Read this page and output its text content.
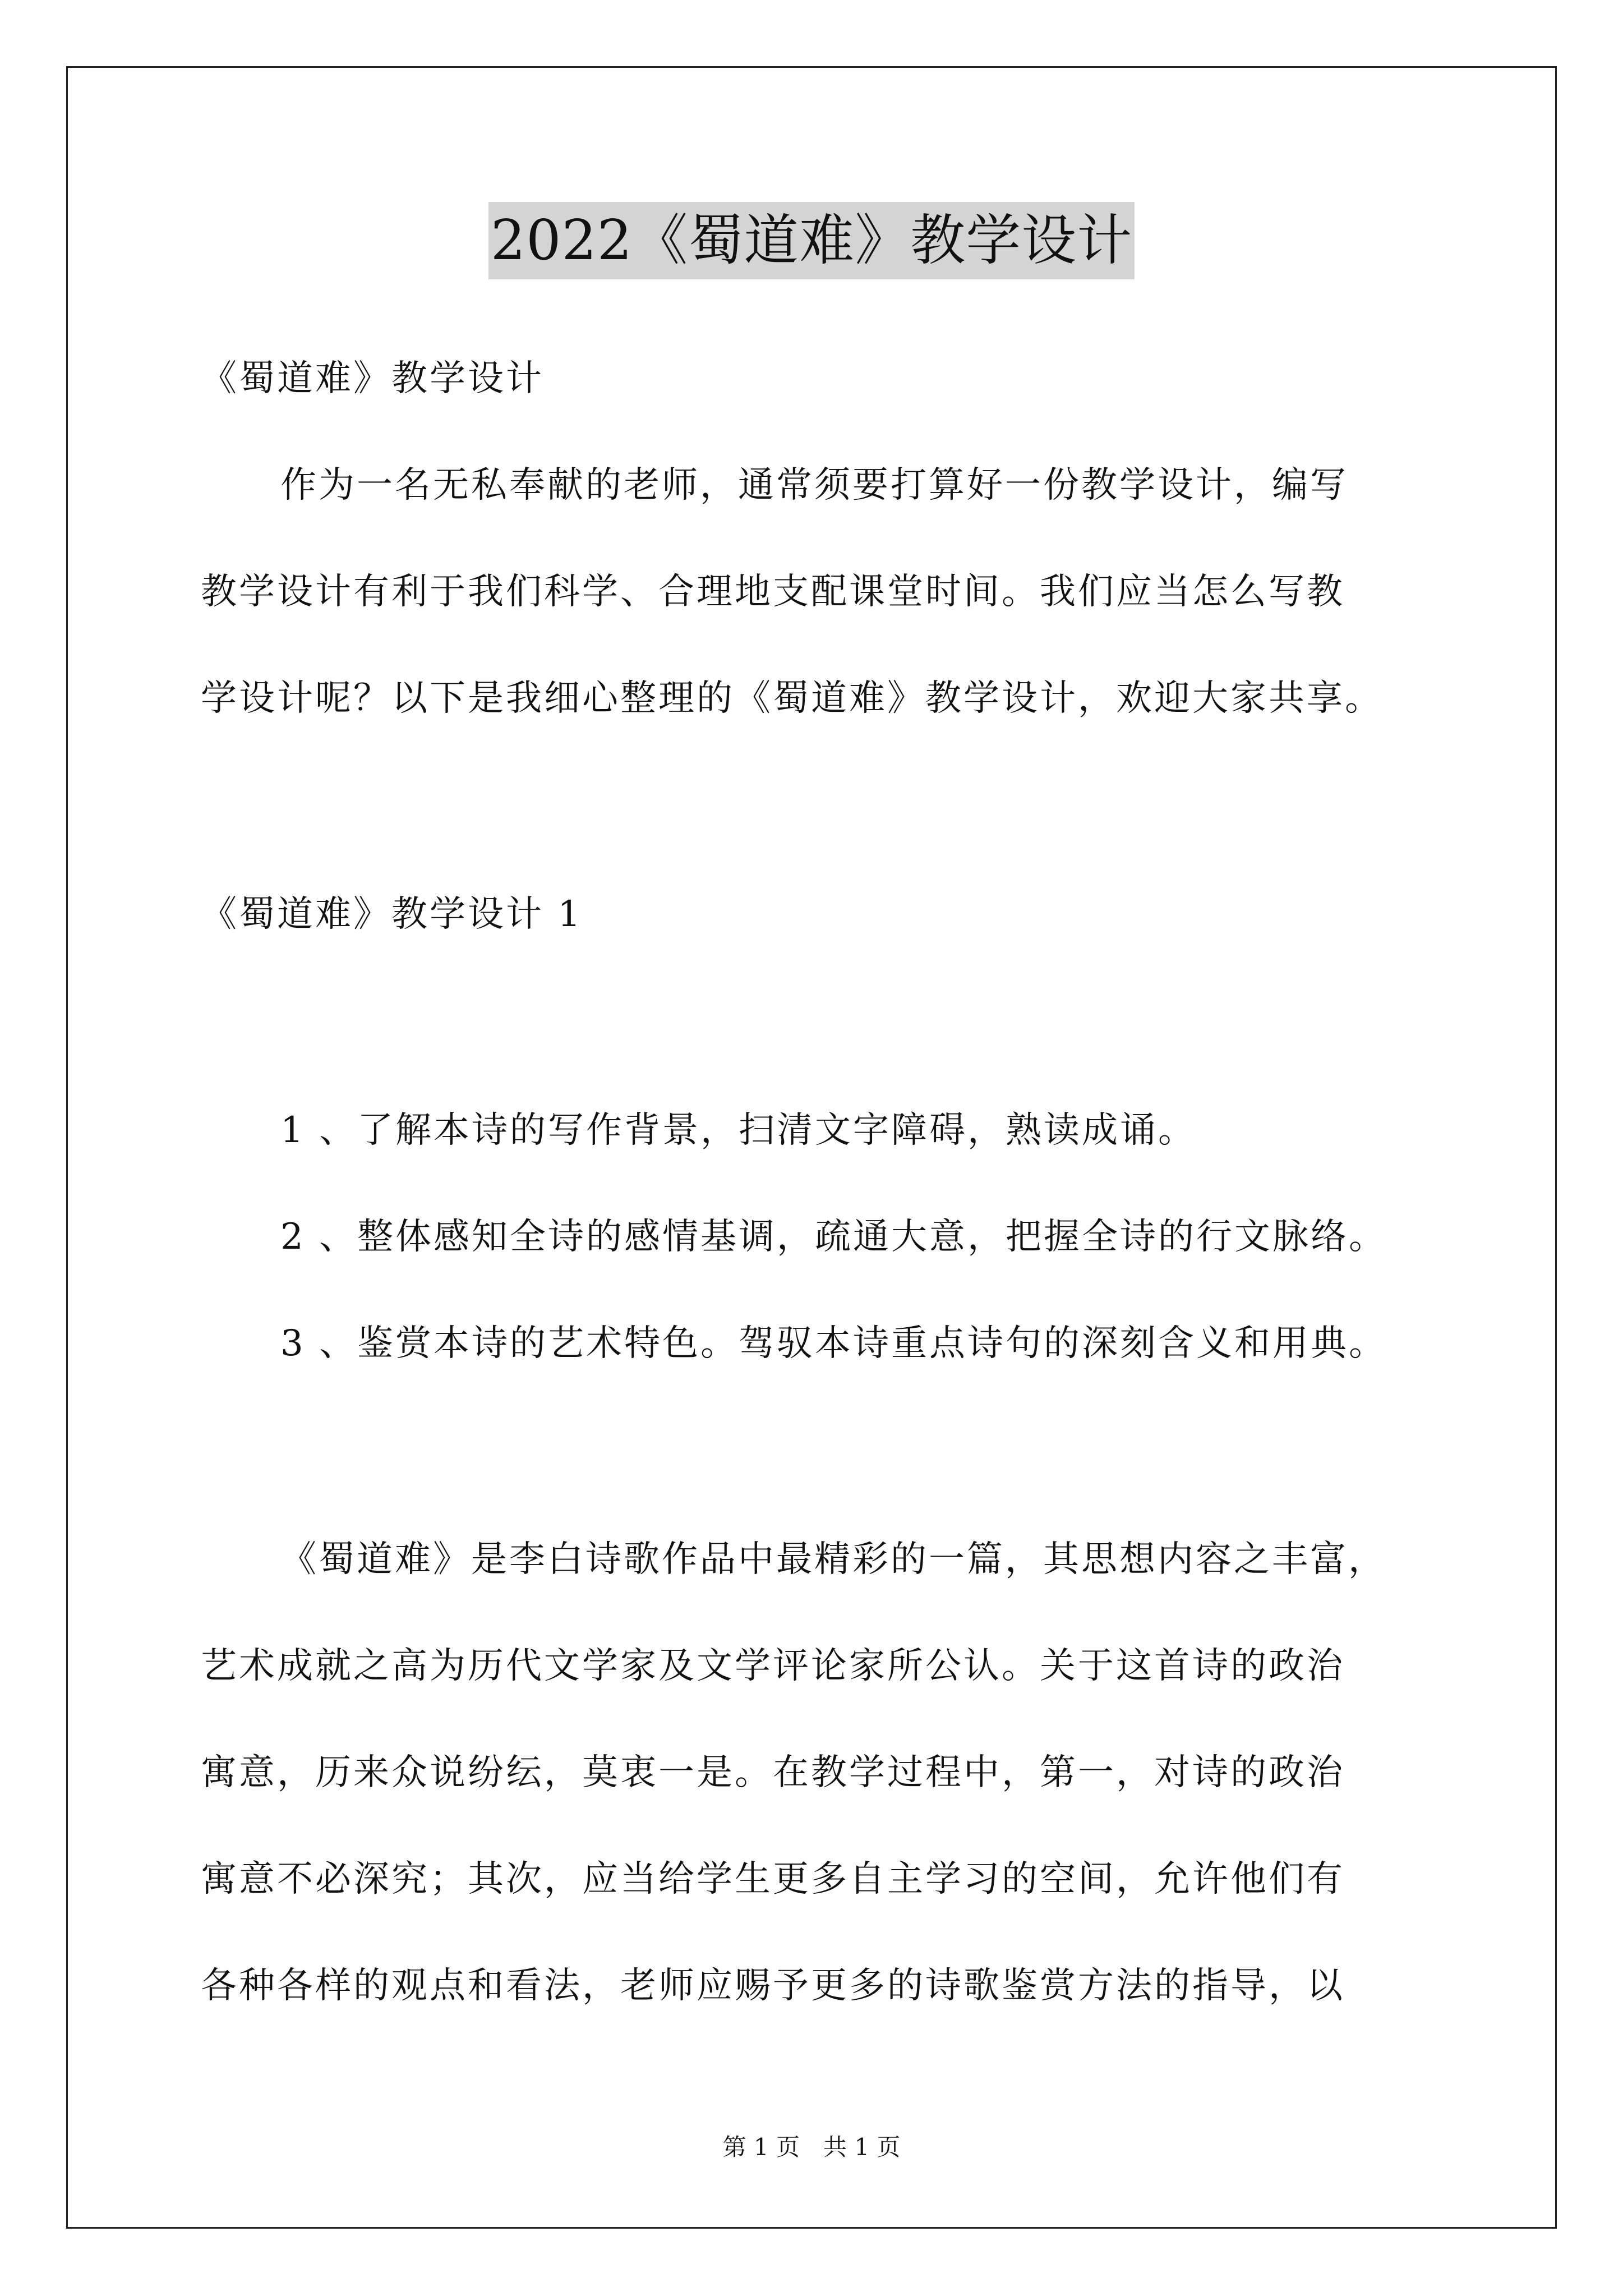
2022《蜀道难》教学设计
《蜀道难》教学设计
作为一名无私奉献的老师，通常须要打算好一份教学设计，编写
教学设计有利于我们科学、合理地支配课堂时间。我们应当怎么写教
学设计呢？以下是我细心整理的《蜀道难》教学设计，欢迎大家共享。
《蜀道难》教学设计 1
1 、了解本诗的写作背景，扫清文字障碍，熟读成诵。
2 、整体感知全诗的感情基调，疏通大意，把握全诗的行文脉络。
3 、鉴赏本诗的艺术特色。驾驭本诗重点诗句的深刻含义和用典。
《蜀道难》是李白诗歌作品中最精彩的一篇，其思想内容之丰富，
艺术成就之高为历代文学家及文学评论家所公认。关于这首诗的政治
寓意，历来众说纷纭，莫衷一是。在教学过程中，第一，对诗的政治
寓意不必深究；其次，应当给学生更多自主学习的空间，允许他们有
各种各样的观点和看法，老师应赐予更多的诗歌鉴赏方法的指导，以
第 1 页　共 1 页
